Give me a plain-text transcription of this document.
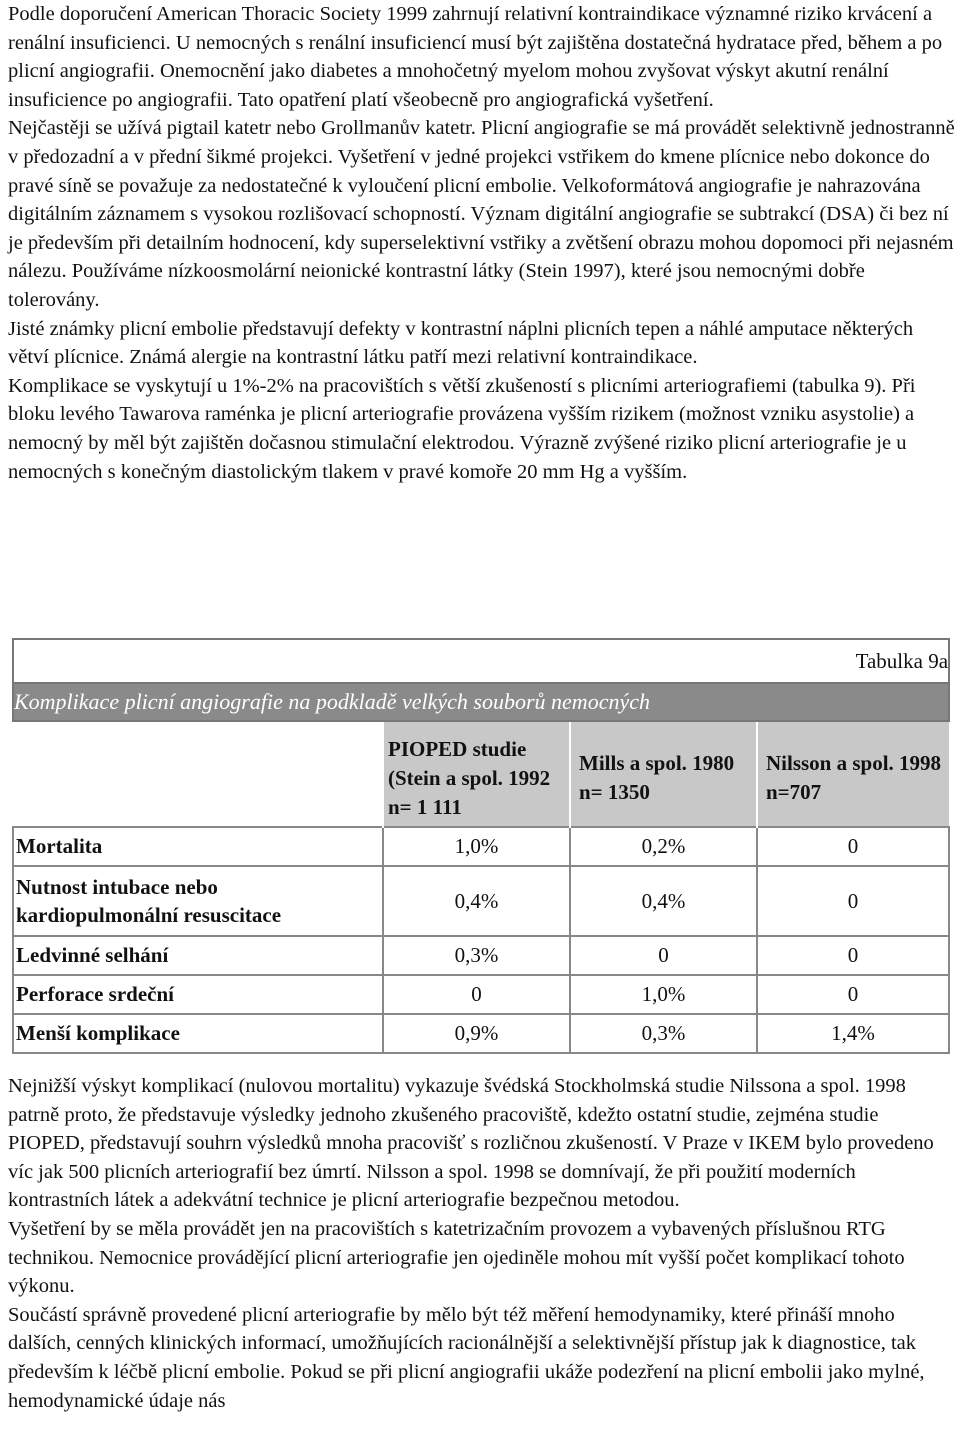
Podle doporučení American Thoracic Society 1999 zahrnují relativní kontraindikace významné riziko krvácení a renální insuficienci. U nemocných s renální insuficiencí musí být zajištěna dostatečná hydratace před, během a po plicní angiografii. Onemocnění jako diabetes a mnohočetný myelom mohou zvyšovat výskyt akutní renální insuficience po angiografii. Tato opatření platí všeobecně pro angiografická vyšetření.

Nejčastěji se užívá pigtail katetr nebo Grollmanův katetr. Plicní angiografie se má provádět selektivně jednostranně v předozadní a v přední šikmé projekci. Vyšetření v jedné projekci vstřikem do kmene plícnice nebo dokonce do pravé síně se považuje za nedostatečné k vyloučení plicní embolie. Velkoformátová angiografie je nahrazována digitálním záznamem s vysokou rozlišovací schopností. Význam digitální angiografie se subtrakcí (DSA) či bez ní je především při detailním hodnocení, kdy superselektivní vstřiky a zvětšení obrazu mohou dopomoci při nejasném nálezu. Používáme nízkoosmolární neionické kontrastní látky (Stein 1997), které jsou nemocnými dobře tolerovány.

Jisté známky plicní embolie představují defekty v kontrastní náplni plicních tepen a náhlé amputace některých větví plícnice. Známá alergie na kontrastní látku patří mezi relativní kontraindikace.

Komplikace se vyskytují u 1%-2% na pracovištích s větší zkušeností s plicními arteriografiemi (tabulka 9). Při bloku levého Tawarova raménka je plicní arteriografie provázena vyšším rizikem (možnost vzniku asystolie) a nemocný by měl být zajištěn dočasnou stimulační elektrodou. Výrazně zvýšené riziko plicní arteriografie je u nemocných s konečným diastolickým tlakem v pravé komoře 20 mm Hg a vyšším.

Tabulka 9a			
Komplikace plicní angiografie na podkladě velkých souborů nemocných			
	PIOPED studie (Stein a spol. 1992 n= 1 111	Mills a spol. 1980 n= 1350	Nilsson a spol. 1998 n=707
Mortalita	1,0%	0,2%	0
Nutnost intubace nebo kardiopulmonální resuscitace	0,4%	0,4%	0
Ledvinné selhání	0,3%	0	0
Perforace srdeční	0	1,0%	0
Menší komplikace	0,9%	0,3%	1,4%

Nejnižší výskyt komplikací (nulovou mortalitu) vykazuje švédská Stockholmská studie Nilssona a spol. 1998 patrně proto, že představuje výsledky jednoho zkušeného pracoviště, kdežto ostatní studie, zejména studie PIOPED, představují souhrn výsledků mnoha pracovišť s rozličnou zkušeností. V Praze v IKEM bylo provedeno víc jak 500 plicních arteriografií bez úmrtí. Nilsson a spol. 1998 se domnívají, že při použití moderních kontrastních látek a adekvátní technice je plicní arteriografie bezpečnou metodou.

Vyšetření by se měla provádět jen na pracovištích s katetrizačním provozem a vybavených příslušnou RTG technikou. Nemocnice provádějící plicní arteriografie jen ojediněle mohou mít vyšší počet komplikací tohoto výkonu.

Součástí správně provedené plicní arteriografie by mělo být též měření hemodynamiky, které přináší mnoho dalších, cenných klinických informací, umožňujících racionálnější a selektivnější přístup jak k diagnostice, tak především k léčbě plicní embolie. Pokud se při plicní angiografii ukáže podezření na plicní embolii jako mylné, hemodynamické údaje nás
